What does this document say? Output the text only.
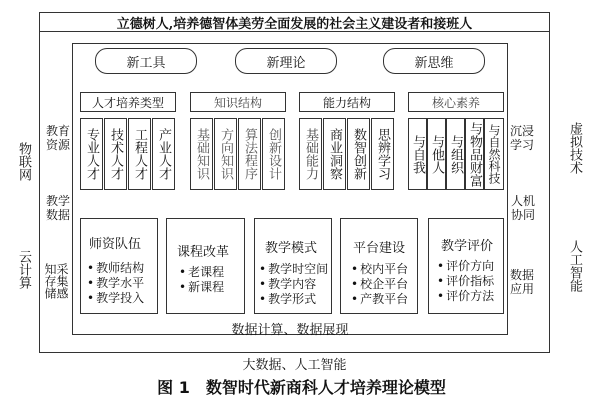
立德树人,培养德智体美劳全面发展的社会主义建设者和接班人
新工具	新理论	新思维
人才培养类型
专业人才 技术人才 工程人才 产业人才
知识结构
基础知识 方向知识 算法程序 创新设计
能力结构
基础能力 商业洞察 数智创新 思辨学习
核心素养
与自我 与他人 与组织 与物品财富 与自然科技
师资队伍
• 教师结构
• 教学水平
• 教学投入
课程改革
• 老课程
• 新课程
教学模式
• 教学时空间
• 教学内容
• 教学形式
平台建设
• 校内平台
• 校企平台
• 产教平台
教学评价
• 评价方向
• 评价指标
• 评价方法
教育资源
教学数据
采集感知存储
沉浸学习
人机协同
数据应用
物联网
云计算
虚拟技术
人工智能
数据计算、数据展现
大数据、人工智能
图 1　数智时代新商科人才培养理论模型
